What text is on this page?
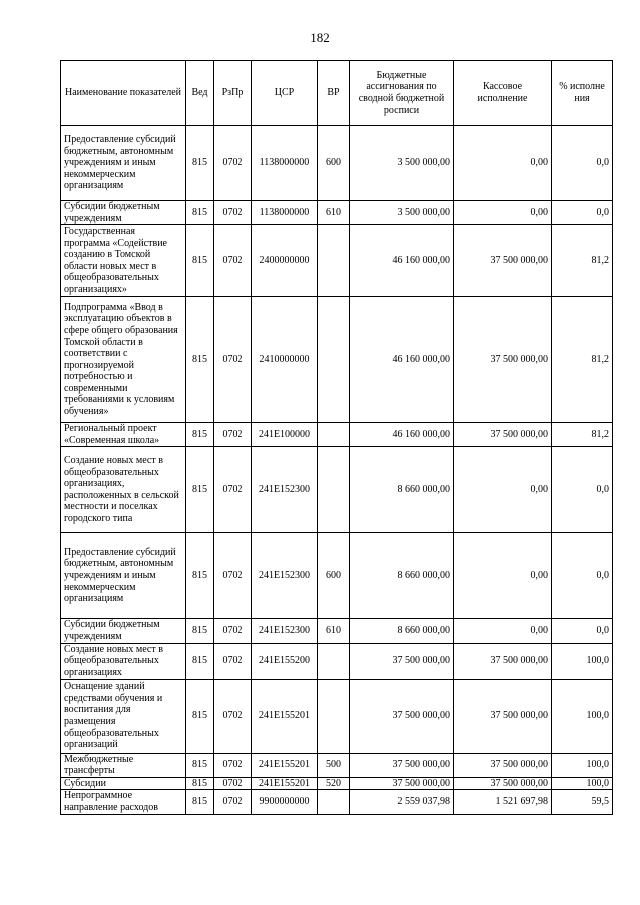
182
Наименование показателей	Вед	РзПр	ЦСР	ВР	Бюджетные ассигнования по сводной бюджетной росписи	Кассовое исполнение	% исполне ния
Предоставление субсидий бюджетным, автономным учреждениям и иным некоммерческим организациям	815	0702	1138000000	600	3 500 000,00	0,00	0,0
Субсидии бюджетным учреждениям	815	0702	1138000000	610	3 500 000,00	0,00	0,0
Государственная программа «Содействие созданию в Томской области новых мест в общеобразовательных организациях»	815	0702	2400000000		46 160 000,00	37 500 000,00	81,2
Подпрограмма «Ввод в эксплуатацию объектов в сфере общего образования Томской области в соответствии с прогнозируемой потребностью и современными требованиями к условиям обучения»	815	0702	2410000000		46 160 000,00	37 500 000,00	81,2
Региональный проект «Современная школа»	815	0702	241E100000		46 160 000,00	37 500 000,00	81,2
Создание новых мест в общеобразовательных организациях, расположенных в сельской местности и поселках городского типа	815	0702	241E152300		8 660 000,00	0,00	0,0
Предоставление субсидий бюджетным, автономным учреждениям и иным некоммерческим организациям	815	0702	241E152300	600	8 660 000,00	0,00	0,0
Субсидии бюджетным учреждениям	815	0702	241E152300	610	8 660 000,00	0,00	0,0
Создание новых мест в общеобразовательных организациях	815	0702	241E155200		37 500 000,00	37 500 000,00	100,0
Оснащение зданий средствами обучения и воспитания для размещения общеобразовательных организаций	815	0702	241E155201		37 500 000,00	37 500 000,00	100,0
Межбюджетные трансферты	815	0702	241E155201	500	37 500 000,00	37 500 000,00	100,0
Субсидии	815	0702	241E155201	520	37 500 000,00	37 500 000,00	100,0
Непрограммное направление расходов	815	0702	9900000000		2 559 037,98	1 521 697,98	59,5
